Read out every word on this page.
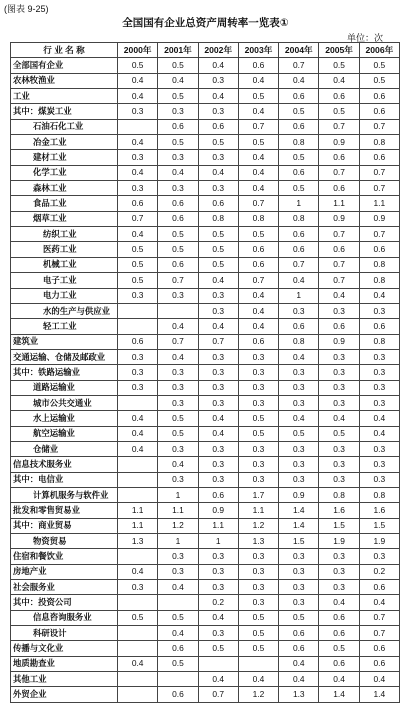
(图表 9-25)
全国国有企业总资产周转率一览表①
单位：次
行 业 名 称	2000年	2001年	2002年	2003年	2004年	2005年	2006年
全部国有企业	0.5	0.5	0.4	0.6	0.7	0.5	0.5
农林牧渔业	0.4	0.4	0.3	0.4	0.4	0.4	0.5
工业	0.4	0.5	0.4	0.5	0.6	0.6	0.6
其中：煤炭工业	0.3	0.3	0.3	0.4	0.5	0.5	0.6
石油石化工业		0.6	0.6	0.7	0.6	0.7	0.7
冶金工业	0.4	0.5	0.5	0.5	0.8	0.9	0.8
建材工业	0.3	0.3	0.3	0.4	0.5	0.6	0.6
化学工业	0.4	0.4	0.4	0.4	0.6	0.7	0.7
森林工业	0.3	0.3	0.3	0.4	0.5	0.6	0.7
食品工业	0.6	0.6	0.6	0.7	1	1.1	1.1
烟草工业	0.7	0.6	0.8	0.8	0.8	0.9	0.9
纺织工业	0.4	0.5	0.5	0.5	0.6	0.7	0.7
医药工业	0.5	0.5	0.5	0.6	0.6	0.6	0.6
机械工业	0.5	0.6	0.5	0.6	0.7	0.7	0.8
电子工业	0.5	0.7	0.4	0.7	0.4	0.7	0.8
电力工业	0.3	0.3	0.3	0.4	1	0.4	0.4
水的生产与供应业			0.3	0.4	0.3	0.3	0.3
轻工工业		0.4	0.4	0.4	0.6	0.6	0.6
建筑业	0.6	0.7	0.7	0.6	0.8	0.9	0.8
交通运输、仓储及邮政业	0.3	0.4	0.3	0.3	0.4	0.3	0.3
其中：铁路运输业	0.3	0.3	0.3	0.3	0.3	0.3	0.3
道路运输业	0.3	0.3	0.3	0.3	0.3	0.3	0.3
城市公共交通业		0.3	0.3	0.3	0.3	0.3	0.3
水上运输业	0.4	0.5	0.4	0.5	0.4	0.4	0.4
航空运输业	0.4	0.5	0.4	0.5	0.5	0.5	0.4
仓储业	0.4	0.3	0.3	0.3	0.3	0.3	0.3
信息技术服务业		0.4	0.3	0.3	0.3	0.3	0.3
其中：电信业		0.3	0.3	0.3	0.3	0.3	0.3
计算机服务与软件业		1	0.6	1.7	0.9	0.8	0.8
批发和零售贸易业	1.1	1.1	0.9	1.1	1.4	1.6	1.6
其中：商业贸易	1.1	1.2	1.1	1.2	1.4	1.5	1.5
物资贸易	1.3	1	1	1.3	1.5	1.9	1.9
住宿和餐饮业		0.3	0.3	0.3	0.3	0.3	0.3
房地产业	0.4	0.3	0.3	0.3	0.3	0.3	0.2
社会服务业	0.3	0.4	0.3	0.3	0.3	0.3	0.6
其中：投资公司			0.2	0.3	0.3	0.4	0.4
信息咨询服务业	0.5	0.5	0.4	0.5	0.5	0.6	0.7
科研设计		0.4	0.3	0.5	0.6	0.6	0.7
传播与文化业		0.6	0.5	0.5	0.6	0.5	0.6
地质勘查业	0.4	0.5			0.4	0.6	0.6
其他工业			0.4	0.4	0.4	0.4	0.4
外贸企业		0.6	0.7	1.2	1.3	1.4	1.4
